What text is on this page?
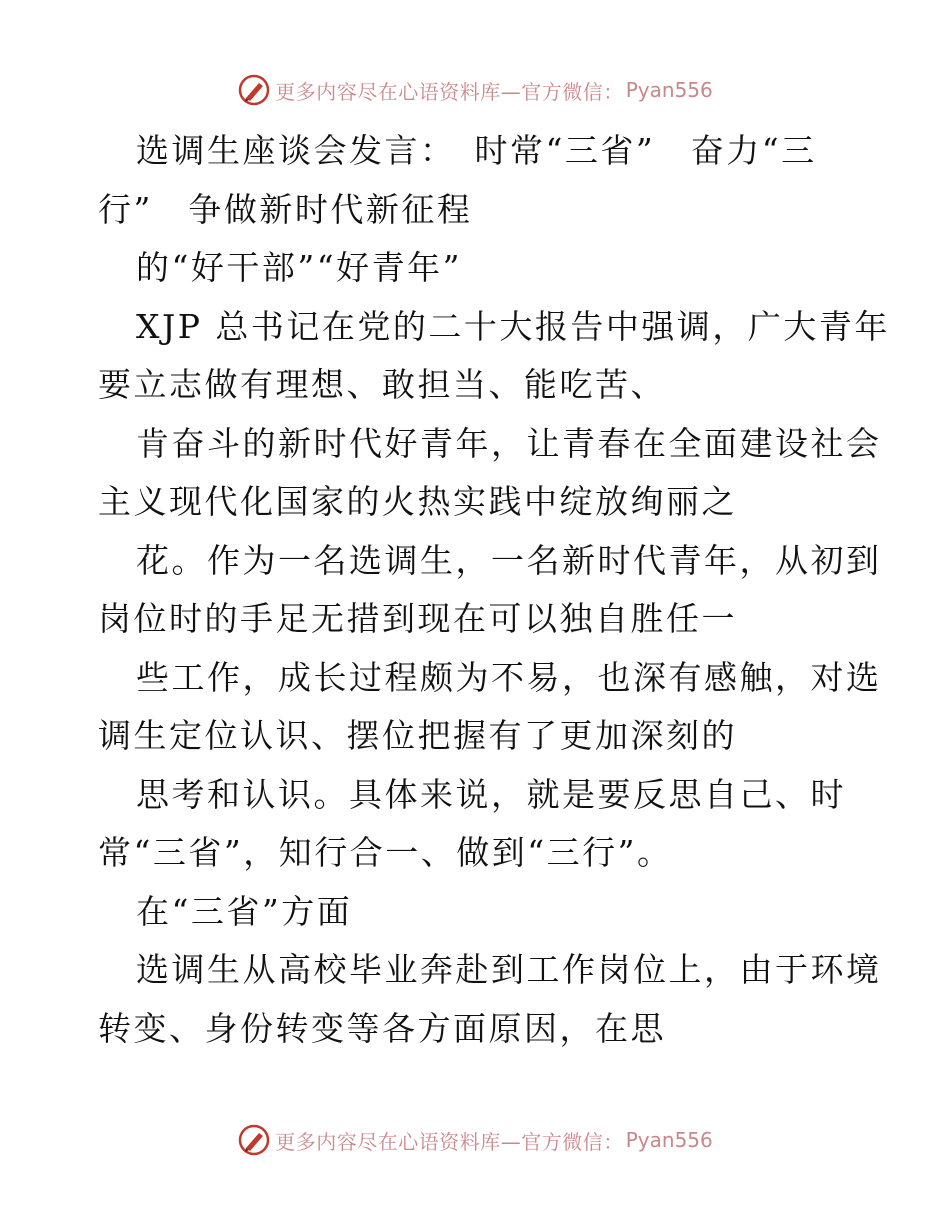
更多内容尽在心语资料库—官方微信： Pyan556
选调生座谈会发言：　时常“三省”　奋力“三
行”　争做新时代新征程
的“好干部”“好青年”
XJP 总书记在党的二十大报告中强调，广大青年
要立志做有理想、敢担当、能吃苦、
肯奋斗的新时代好青年，让青春在全面建设社会
主义现代化国家的火热实践中绽放绚丽之
花。作为一名选调生，一名新时代青年，从初到
岗位时的手足无措到现在可以独自胜任一
些工作，成长过程颇为不易，也深有感触，对选
调生定位认识、摆位把握有了更加深刻的
思考和认识。具体来说，就是要反思自己、时
常“三省”，知行合一、做到“三行”。
在“三省”方面
选调生从高校毕业奔赴到工作岗位上，由于环境
转变、身份转变等各方面原因，在思
更多内容尽在心语资料库—官方微信： Pyan556
